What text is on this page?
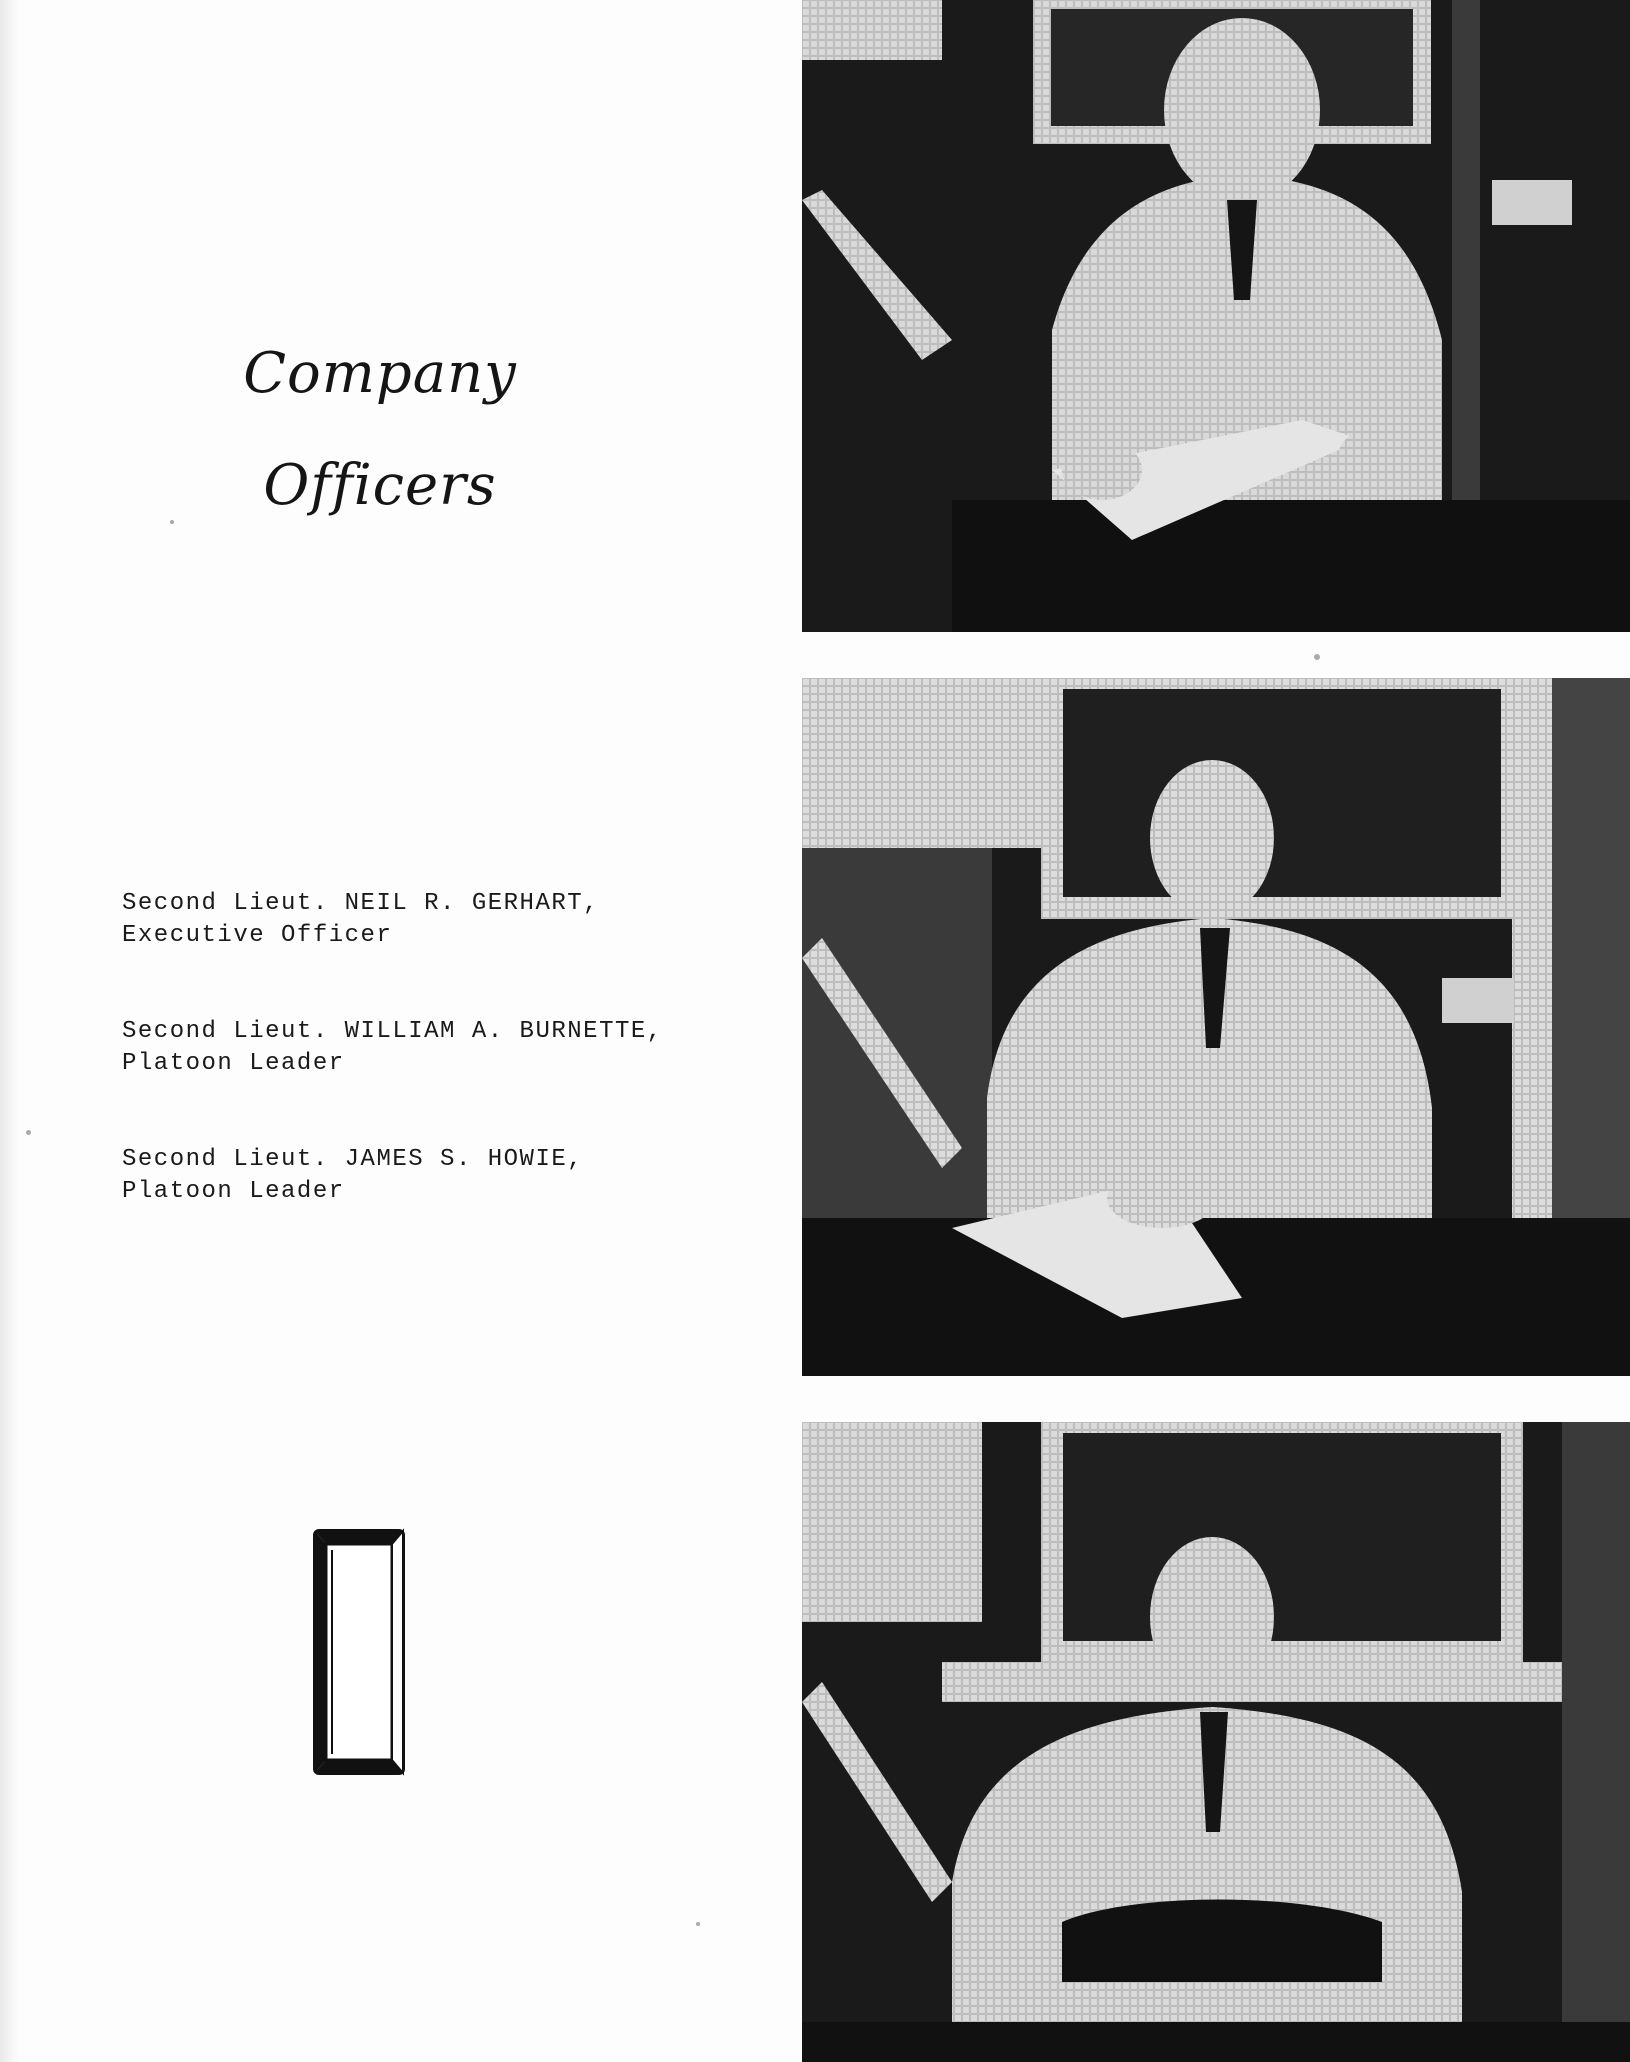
Company
Officers
Second Lieut. NEIL R. GERHART,
Executive Officer
Second Lieut. WILLIAM A. BURNETTE,
Platoon Leader
Second Lieut. JAMES S. HOWIE,
Platoon Leader
